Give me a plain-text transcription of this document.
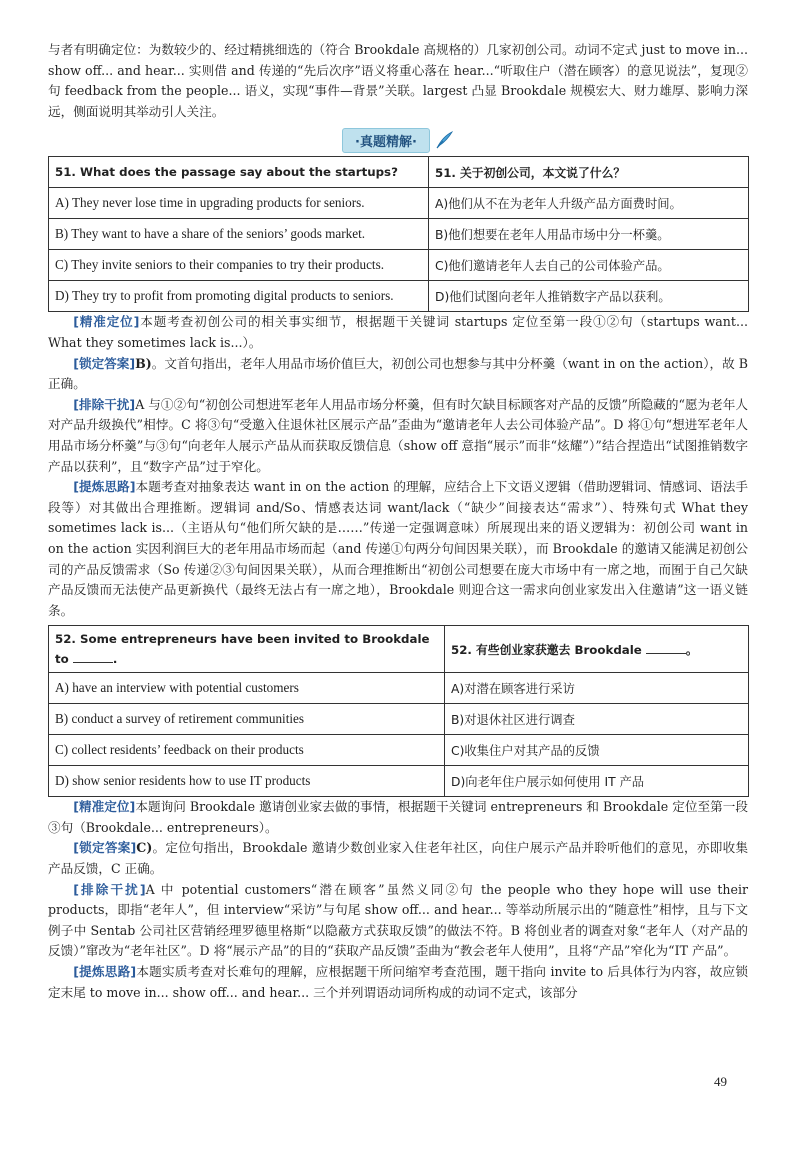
与者有明确定位：为数较少的、经过精挑细选的（符合 Brookdale 高规格的）几家初创公司。动词不定式 just to move in... show off... and hear... 实则借 and 传递的“先后次序”语义将重心落在 hear...“听取住户（潜在顾客）的意见说法”，复现②句 feedback from the people... 语义，实现“事件—背景”关联。largest 凸显 Brookdale 规模宏大、财力雄厚、影响力深远，侧面说明其举动引人关注。

·真题精解·
51. What does the passage say about the startups?	51. 关于初创公司，本文说了什么？
A) They never lose time in upgrading products for seniors.	A)他们从不在为老年人升级产品方面费时间。
B) They want to have a share of the seniors’ goods market.	B)他们想要在老年人用品市场中分一杯羹。
C) They invite seniors to their companies to try their products.	C)他们邀请老年人去自己的公司体验产品。
D) They try to profit from promoting digital products to seniors.	D)他们试图向老年人推销数字产品以获利。

[精准定位]本题考查初创公司的相关事实细节，根据题干关键词 startups 定位至第一段①②句（startups want... What they sometimes lack is...）。

[锁定答案]B)。文首句指出，老年人用品市场价值巨大，初创公司也想参与其中分杯羹（want in on the action），故 B 正确。

[排除干扰]A 与①②句“初创公司想进军老年人用品市场分杯羹，但有时欠缺目标顾客对产品的反馈”所隐藏的“愿为老年人对产品升级换代”相悖。C 将③句“受邀入住退休社区展示产品”歪曲为“邀请老年人去公司体验产品”。D 将①句“想进军老年人用品市场分杯羹”与③句“向老年人展示产品从而获取反馈信息（show off 意指“展示”而非“炫耀”）”结合捏造出“试图推销数字产品以获利”，且“数字产品”过于窄化。

[提炼思路]本题考查对抽象表达 want in on the action 的理解，应结合上下文语义逻辑（借助逻辑词、情感词、语法手段等）对其做出合理推断。逻辑词 and/So、情感表达词 want/lack（“缺少”间接表达“需求”）、特殊句式 What they sometimes lack is...（主语从句“他们所欠缺的是……”传递一定强调意味）所展现出来的语义逻辑为：初创公司 want in on the action 实因利润巨大的老年用品市场而起（and 传递①句两分句间因果关联），而 Brookdale 的邀请又能满足初创公司的产品反馈需求（So 传递②③句间因果关联），从而合理推断出“初创公司想要在庞大市场中有一席之地，而囿于自己欠缺产品反馈而无法使产品更新换代（最终无法占有一席之地），Brookdale 则迎合这一需求向创业家发出入住邀请”这一语义链条。

52. Some entrepreneurs have been invited to Brookdale to .	52. 有些创业家获邀去 Brookdale 。
A) have an interview with potential customers	A)对潜在顾客进行采访
B) conduct a survey of retirement communities	B)对退休社区进行调查
C) collect residents’ feedback on their products	C)收集住户对其产品的反馈
D) show senior residents how to use IT products	D)向老年住户展示如何使用 IT 产品

[精准定位]本题询问 Brookdale 邀请创业家去做的事情，根据题干关键词 entrepreneurs 和 Brookdale 定位至第一段③句（Brookdale... entrepreneurs）。

[锁定答案]C)。定位句指出，Brookdale 邀请少数创业家入住老年社区，向住户展示产品并聆听他们的意见，亦即收集产品反馈，C 正确。

[排除干扰]A 中 potential customers“潜在顾客”虽然义同②句 the people who they hope will use their products，即指“老年人”，但 interview“采访”与句尾 show off... and hear... 等举动所展示出的“随意性”相悖，且与下文例子中 Sentab 公司社区营销经理罗德里格斯“以隐蔽方式获取反馈”的做法不符。B 将创业者的调查对象“老年人（对产品的反馈）”窜改为“老年社区”。D 将“展示产品”的目的“获取产品反馈”歪曲为“教会老年人使用”，且将“产品”窄化为“IT 产品”。

[提炼思路]本题实质考查对长难句的理解，应根据题干所问缩窄考查范围，题干指向 invite to 后具体行为内容，故应锁定末尾 to move in... show off... and hear... 三个并列谓语动词所构成的动词不定式，该部分

49
